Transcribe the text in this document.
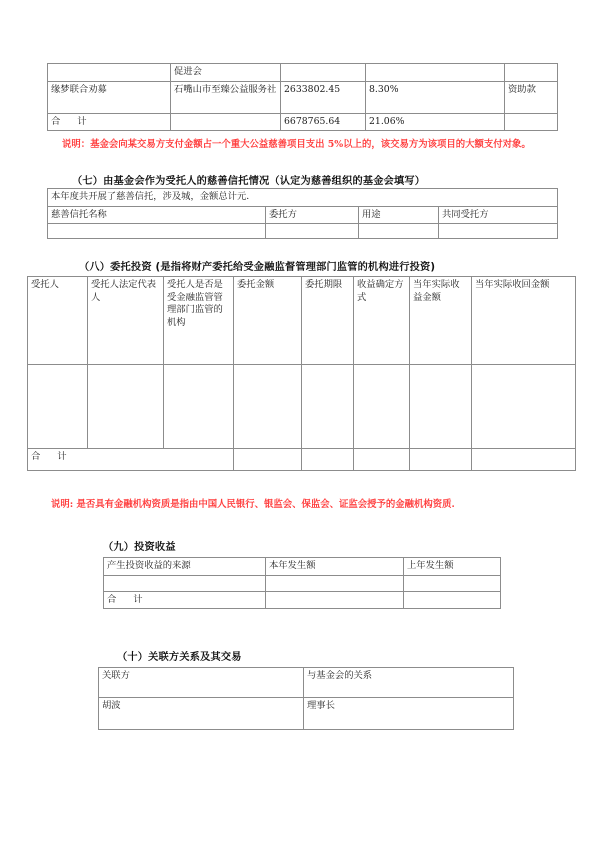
	促进会			
缘梦联合劝募	石嘴山市至臻公益服务社	2633802.45	8.30%	资助款
合 计		6678765.64	21.06%	
说明：基金会向某交易方支付金额占一个重大公益慈善项目支出 5%以上的，该交易方为该项目的大额支付对象。
（七）由基金会作为受托人的慈善信托情况（认定为慈善组织的基金会填写）
本年度共开展了慈善信托，涉及城，金额总计元.			
慈善信托名称	委托方	用途	共同受托方

（八）委托投资 (是指将财产委托给受金融监督管理部门监管的机构进行投资)
受托人	受托人法定代表人	受托人是否是受金融监管管理部门监管的机构	委托金额	委托期限	收益确定方式	当年实际收益金额	当年实际收回金额

合 计							
说明: 是否具有金融机构资质是指由中国人民银行、银监会、保监会、证监会授予的金融机构资质.
（九）投资收益
产生投资收益的来源	本年发生额	上年发生额

合 计		
（十）关联方关系及其交易
关联方	与基金会的关系
胡波	理事长
